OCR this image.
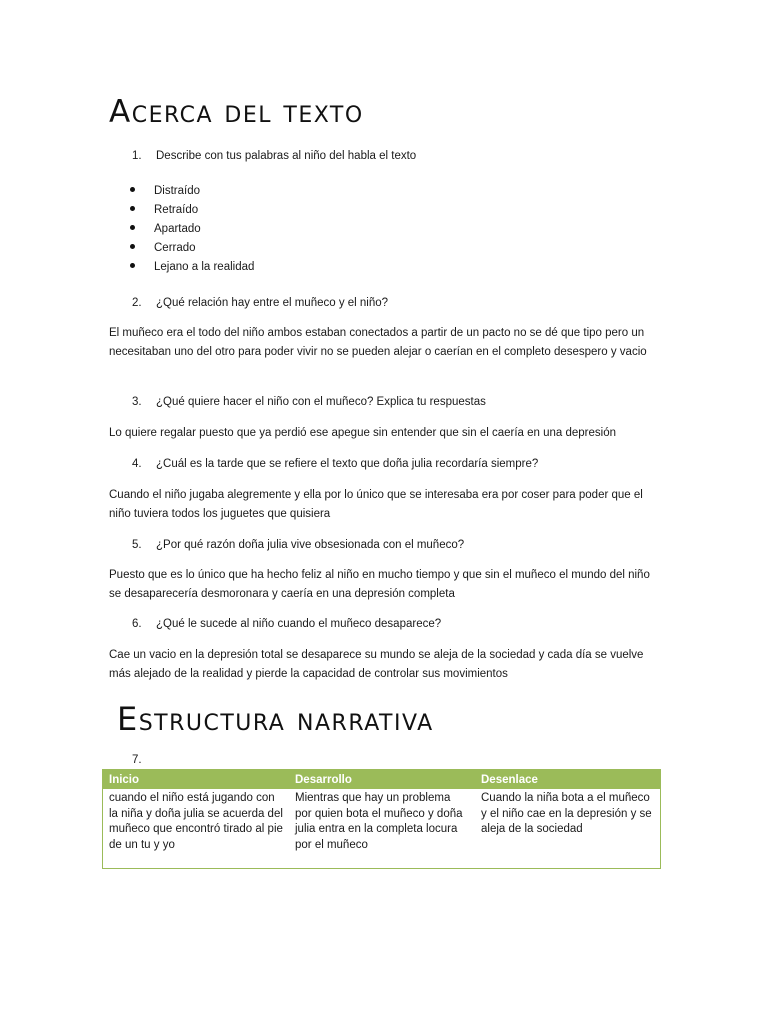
Acerca del texto
1. Describe con tus palabras al niño del habla el texto
Distraído
Retraído
Apartado
Cerrado
Lejano a la realidad
2. ¿Qué relación hay entre el muñeco y el niño?

El muñeco era el todo del niño ambos estaban conectados a partir de un pacto no se dé que tipo pero un necesitaban uno del otro para poder vivir no se pueden alejar o caerían en el completo desespero y vacio

3. ¿Qué quiere hacer el niño con el muñeco? Explica tu respuestas

Lo quiere regalar puesto que ya perdió ese apegue sin entender que sin el caería en una depresión

4. ¿Cuál es la tarde que se refiere el texto que doña julia recordaría siempre?

Cuando el niño jugaba alegremente y ella por lo único que se interesaba era por coser para poder que el niño tuviera todos los juguetes que quisiera

5. ¿Por qué razón doña julia vive obsesionada con el muñeco?

Puesto que es lo único que ha hecho feliz al niño en mucho tiempo y que sin el muñeco el mundo del niño se desaparecería desmoronara y caería en una depresión completa

6. ¿Qué le sucede al niño cuando el muñeco desaparece?

Cae un vacio en la depresión total se desaparece su mundo se aleja de la sociedad y cada día se vuelve más alejado de la realidad y pierde la capacidad de controlar sus movimientos

Estructura narrativa
7.
Inicio	Desarrollo	Desenlace
cuando el niño está jugando con la niña y doña julia se acuerda del muñeco que encontró tirado al pie de un tu y yo	Mientras que hay un problema por quien bota el muñeco y doña julia entra en la completa locura por el muñeco	Cuando la niña bota a el muñeco y el niño cae en la depresión y se aleja de la sociedad
